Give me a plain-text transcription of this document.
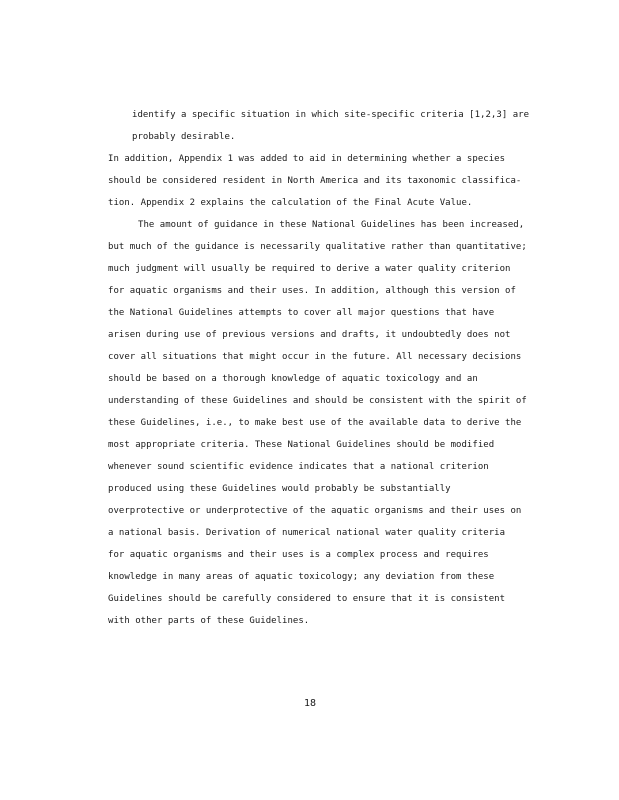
identify a specific situation in which site-specific criteria [1,2,3] are
probably desirable.
In addition, Appendix 1 was added to aid in determining whether a species
should be considered resident in North America and its taxonomic classifica-
tion. Appendix 2 explains the calculation of the Final Acute Value.
The amount of guidance in these National Guidelines has been increased,
but much of the guidance is necessarily qualitative rather than quantitative;
much judgment will usually be required to derive a water quality criterion
for aquatic organisms and their uses. In addition, although this version of
the National Guidelines attempts to cover all major questions that have
arisen during use of previous versions and drafts, it undoubtedly does not
cover all situations that might occur in the future. All necessary decisions
should be based on a thorough knowledge of aquatic toxicology and an
understanding of these Guidelines and should be consistent with the spirit of
these Guidelines, i.e., to make best use of the available data to derive the
most appropriate criteria. These National Guidelines should be modified
whenever sound scientific evidence indicates that a national criterion
produced using these Guidelines would probably be substantially
overprotective or underprotective of the aquatic organisms and their uses on
a national basis. Derivation of numerical national water quality criteria
for aquatic organisms and their uses is a complex process and requires
knowledge in many areas of aquatic toxicology; any deviation from these
Guidelines should be carefully considered to ensure that it is consistent
with other parts of these Guidelines.
18
